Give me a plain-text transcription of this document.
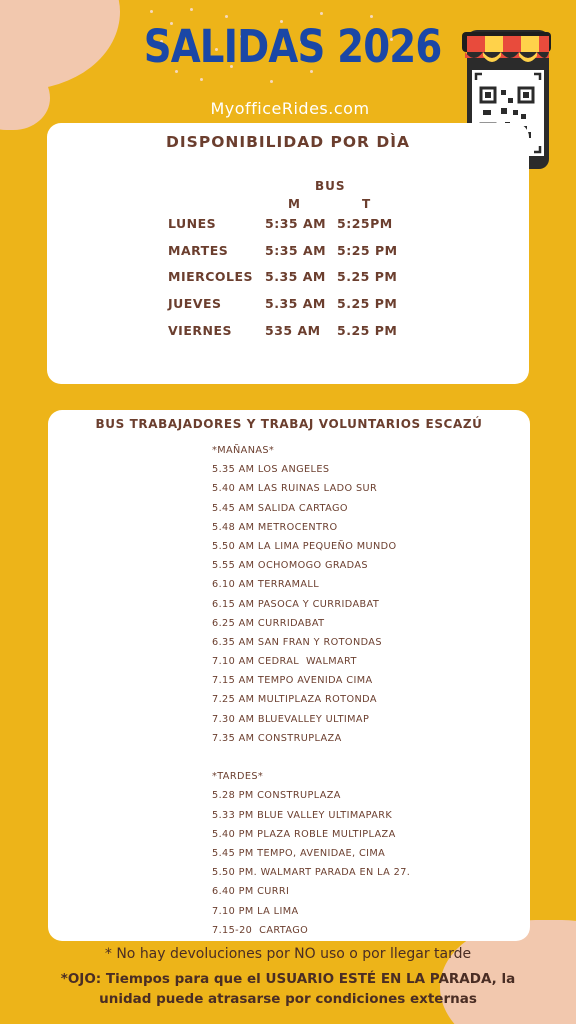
SALIDAS 2026
MyofficeRides.com
DISPONIBILIDAD POR DÌA
BUS
M	T
LUNES	5:35 AM 5:25PM
MARTES	5:35 AM 5:25 PM
MIERCOLES 5.35 AM 5.25 PM
JUEVES	5.35 AM 5.25 PM
VIERNES	535 AM 5.25 PM
BUS TRABAJADORES Y TRABAJ VOLUNTARIOS ESCAZÚ
*MAÑANAS*
5.35 AM LOS ANGELES
5.40 AM LAS RUINAS LADO SUR
5.45 AM SALIDA CARTAGO
5.48 AM METROCENTRO
5.50 AM LA LIMA PEQUEÑO MUNDO
5.55 AM OCHOMOGO GRADAS
6.10 AM TERRAMALL
6.15 AM PASOCA Y CURRIDABAT
6.25 AM CURRIDABAT
6.35 AM SAN FRAN Y ROTONDAS
7.10 AM CEDRAL  WALMART
7.15 AM TEMPO AVENIDA CIMA
7.25 AM MULTIPLAZA ROTONDA
7.30 AM BLUEVALLEY ULTIMAP
7.35 AM CONSTRUPLAZA
*TARDES*
5.28 PM CONSTRUPLAZA
5.33 PM BLUE VALLEY ULTIMAPARK
5.40 PM PLAZA ROBLE MULTIPLAZA
5.45 PM TEMPO, AVENIDAE, CIMA
5.50 PM. WALMART PARADA EN LA 27.
6.40 PM CURRI
7.10 PM LA LIMA
7.15-20  CARTAGO
* No hay devoluciones por NO uso o por llegar tarde
*OJO: Tiempos para que el USUARIO ESTÉ EN LA PARADA, la unidad puede atrasarse por condiciones externas
